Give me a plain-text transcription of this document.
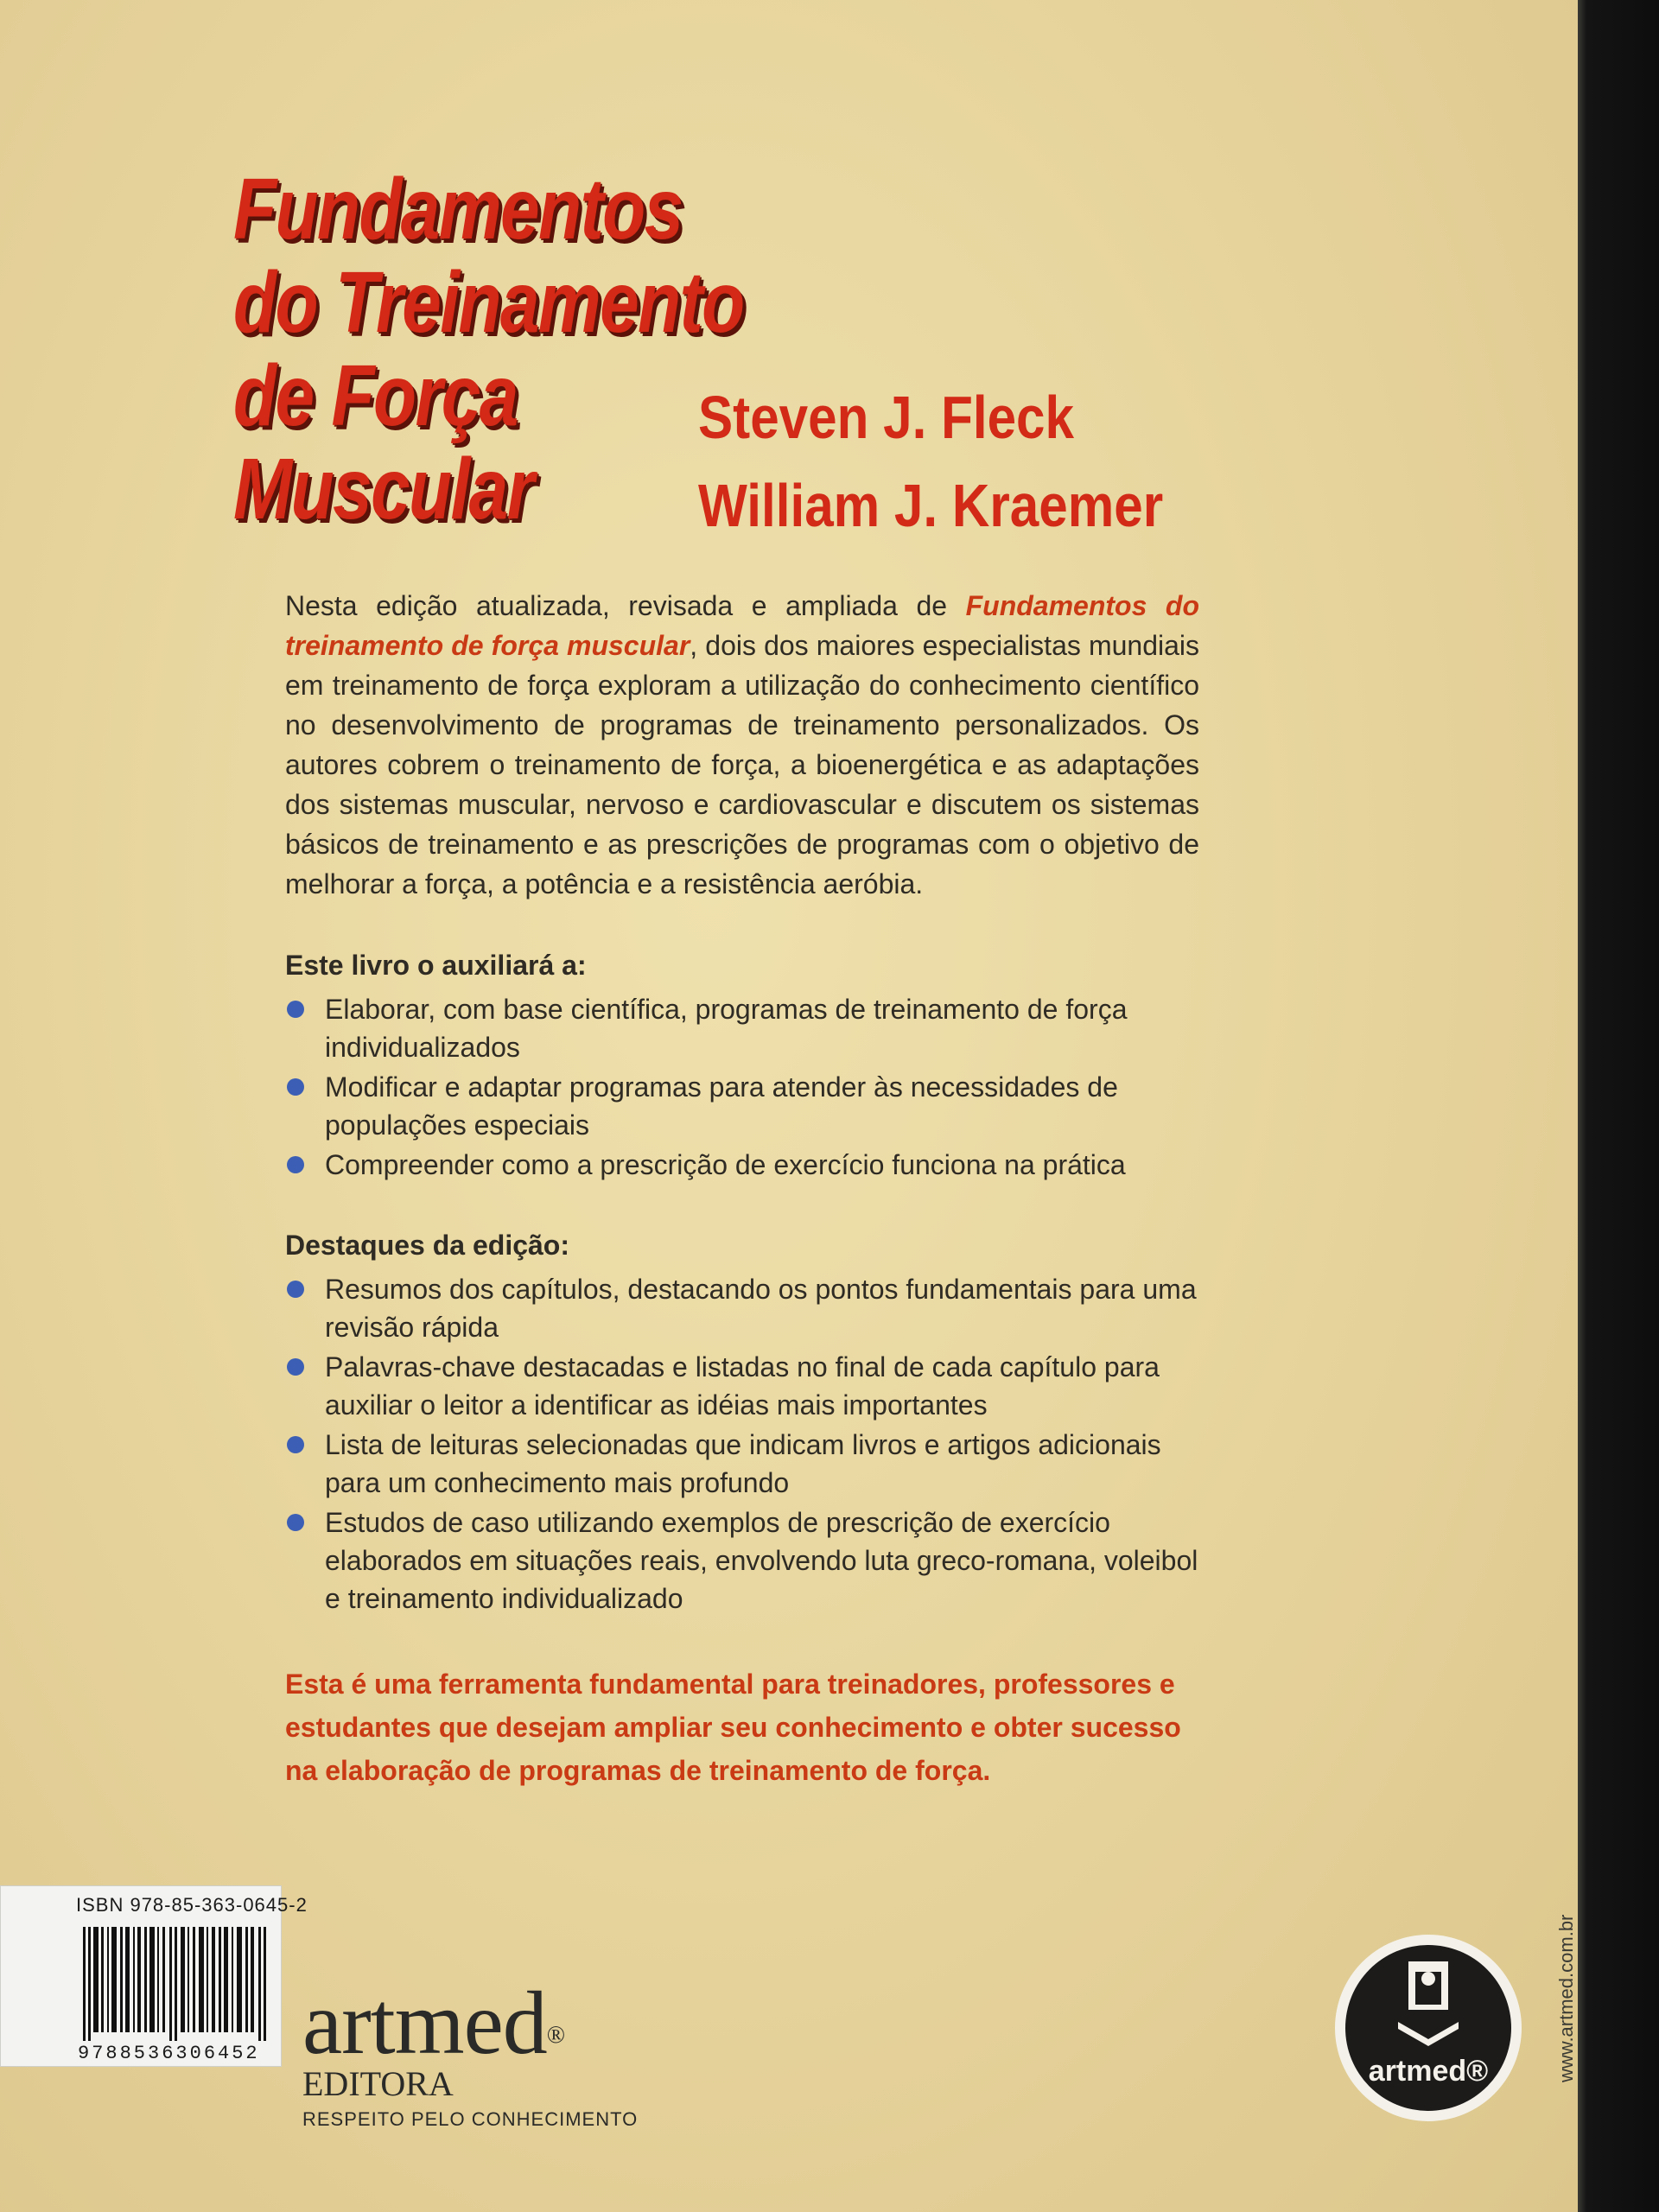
Fundamentos
do Treinamento
de Força
Muscular
Steven J. Fleck
William J. Kraemer

Nesta edição atualizada, revisada e ampliada de Fundamentos do treinamento de força muscular, dois dos maiores especialistas mundiais em treinamento de força exploram a utilização do conhecimento científico no desenvolvimento de programas de treinamento personalizados. Os autores cobrem o treinamento de força, a bioenergética e as adaptações dos sistemas muscular, nervoso e cardiovascular e discutem os sistemas básicos de treinamento e as prescrições de programas com o objetivo de melhorar a força, a potência e a resistência aeróbia.

Este livro o auxiliará a:
Elaborar, com base científica, programas de treinamento de força individualizados
Modificar e adaptar programas para atender às necessidades de populações especiais
Compreender como a prescrição de exercício funciona na prática
Destaques da edição:
Resumos dos capítulos, destacando os pontos fundamentais para uma revisão rápida
Palavras-chave destacadas e listadas no final de cada capítulo para auxiliar o leitor a identificar as idéias mais importantes
Lista de leituras selecionadas que indicam livros e artigos adicionais para um conhecimento mais profundo
Estudos de caso utilizando exemplos de prescrição de exercício elaborados em situações reais, envolvendo luta greco-romana, voleibol e treinamento individualizado

Esta é uma ferramenta fundamental para treinadores, professores e estudantes que desejam ampliar seu conhecimento e obter sucesso na elaboração de programas de treinamento de força.

ISBN 978-85-363-0645-2
9788536306452 artmed®
EDITORA
RESPEITO PELO CONHECIMENTO
artmed®	www.artmed.com.br
